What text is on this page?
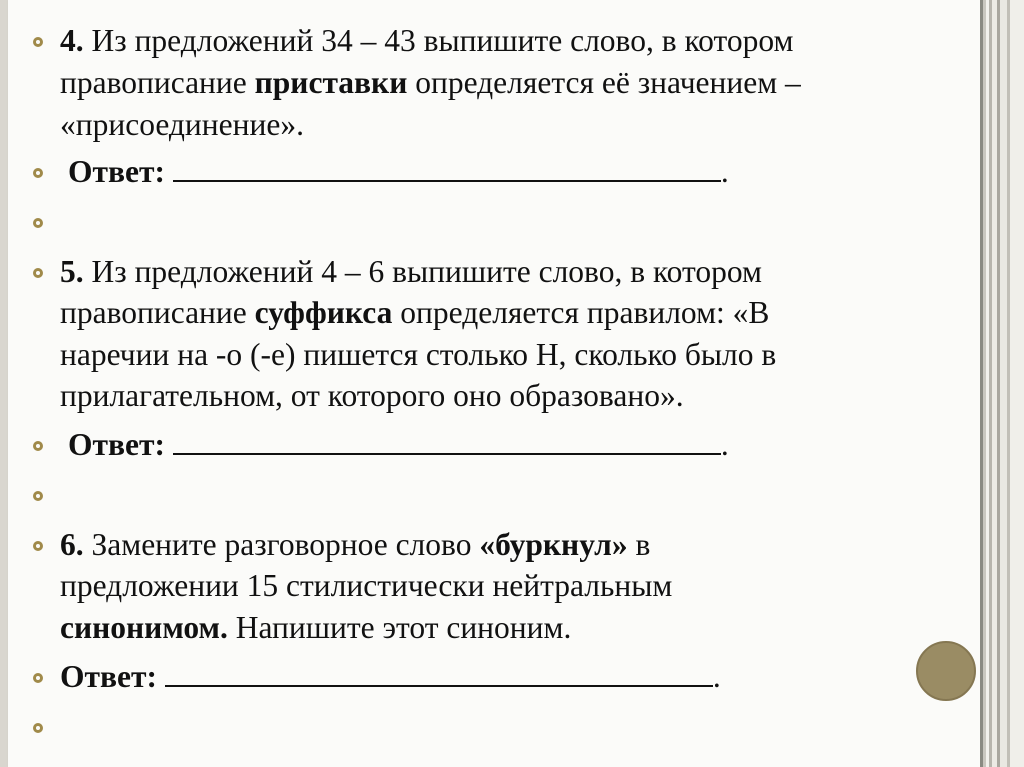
4. Из предложений 34 – 43 выпишите слово, в котором
правописание приставки определяется её значением –
«присоединение».
Ответ:	.
5. Из предложений 4 – 6 выпишите слово, в котором
правописание суффикса определяется правилом: «В
наречии на -о (-е) пишется столько Н, сколько было в
прилагательном, от которого оно образовано».
Ответ:	.
6. Замените разговорное слово «буркнул» в
предложении 15 стилистически нейтральным
синонимом. Напишите этот синоним.
Ответ:	.
